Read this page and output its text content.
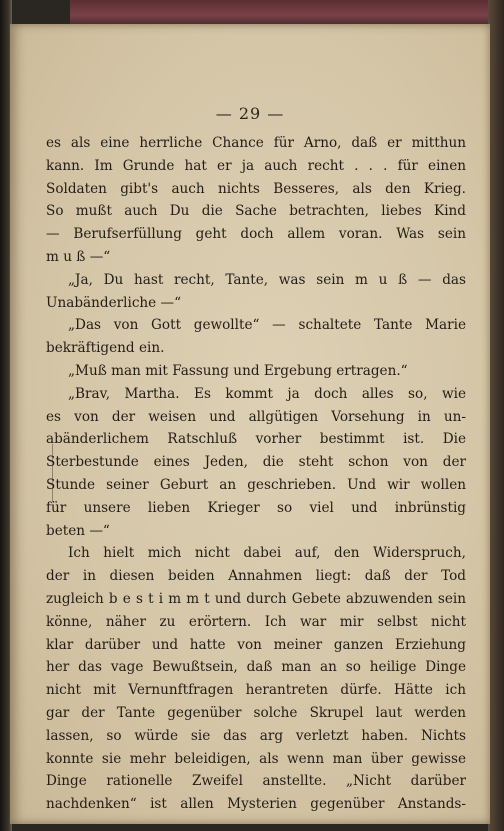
— 29 —
es als eine herrliche Chance für Arno, daß er mitthun
kann. Im Grunde hat er ja auch recht . . . für einen
Soldaten gibt's auch nichts Besseres, als den Krieg.
So mußt auch Du die Sache betrachten, liebes Kind
— Berufserfüllung geht doch allem voran. Was sein
m u ß —“
„Ja, Du hast recht, Tante, was sein m u ß — das
Unabänderliche —“
„Das von Gott gewollte“ — schaltete Tante Marie
bekräftigend ein.
„Muß man mit Fassung und Ergebung ertragen.“
„Brav, Martha. Es kommt ja doch alles so, wie
es von der weisen und allgütigen Vorsehung in un-
abänderlichem Ratschluß vorher bestimmt ist. Die
Sterbestunde eines Jeden, die steht schon von der
Stunde seiner Geburt an geschrieben. Und wir wollen
für unsere lieben Krieger so viel und inbrünstig
beten —“
Ich hielt mich nicht dabei auf, den Widerspruch,
der in diesen beiden Annahmen liegt: daß der Tod
zugleich b e s t i m m t und durch Gebete abzuwenden sein
könne, näher zu erörtern. Ich war mir selbst nicht
klar darüber und hatte von meiner ganzen Erziehung
her das vage Bewußtsein, daß man an so heilige Dinge
nicht mit Vernunftfragen herantreten dürfe. Hätte ich
gar der Tante gegenüber solche Skrupel laut werden
lassen, so würde sie das arg verletzt haben. Nichts
konnte sie mehr beleidigen, als wenn man über gewisse
Dinge rationelle Zweifel anstellte. „Nicht darüber
nachdenken“ ist allen Mysterien gegenüber Anstands-
